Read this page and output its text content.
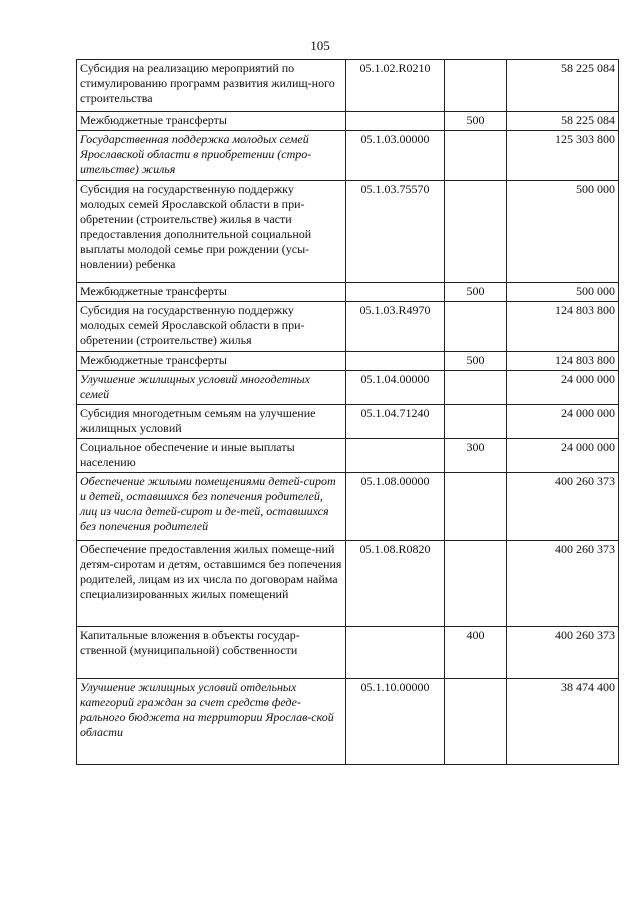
105
Субсидия на реализацию мероприятий по стимулированию программ развития жилищ-ного строительства	05.1.02.R0210		58 225 084
Межбюджетные трансферты		500	58 225 084
Государственная поддержка молодых семей Ярославской области в приобретении (стро-ительстве) жилья	05.1.03.00000		125 303 800
Субсидия на государственную поддержку молодых семей Ярославской области в при-обретении (строительстве) жилья в части предоставления дополнительной социальной выплаты молодой семье при рождении (усы-новлении) ребенка	05.1.03.75570		500 000
Межбюджетные трансферты		500	500 000
Субсидия на государственную поддержку молодых семей Ярославской области в при-обретении (строительстве) жилья	05.1.03.R4970		124 803 800
Межбюджетные трансферты		500	124 803 800
Улучшение жилищных условий многодетных семей	05.1.04.00000		24 000 000
Субсидия многодетным семьям на улучшение жилищных условий	05.1.04.71240		24 000 000
Социальное обеспечение и иные выплаты населению		300	24 000 000
Обеспечение жилыми помещениями детей-сирот и детей, оставшихся без попечения родителей, лиц из числа детей-сирот и де-тей, оставшихся без попечения родителей	05.1.08.00000		400 260 373
Обеспечение предоставления жилых помещe-ний детям-сиротам и детям, оставшимся без попечения родителей, лицам из их числа по договорам найма специализированных жилых помещений	05.1.08.R0820		400 260 373
Капитальные вложения в объекты государ-ственной (муниципальной) собственности		400	400 260 373
Улучшение жилищных условий отдельных категорий граждан за счет средств феде-рального бюджета на территории Ярослав-ской области	05.1.10.00000		38 474 400
